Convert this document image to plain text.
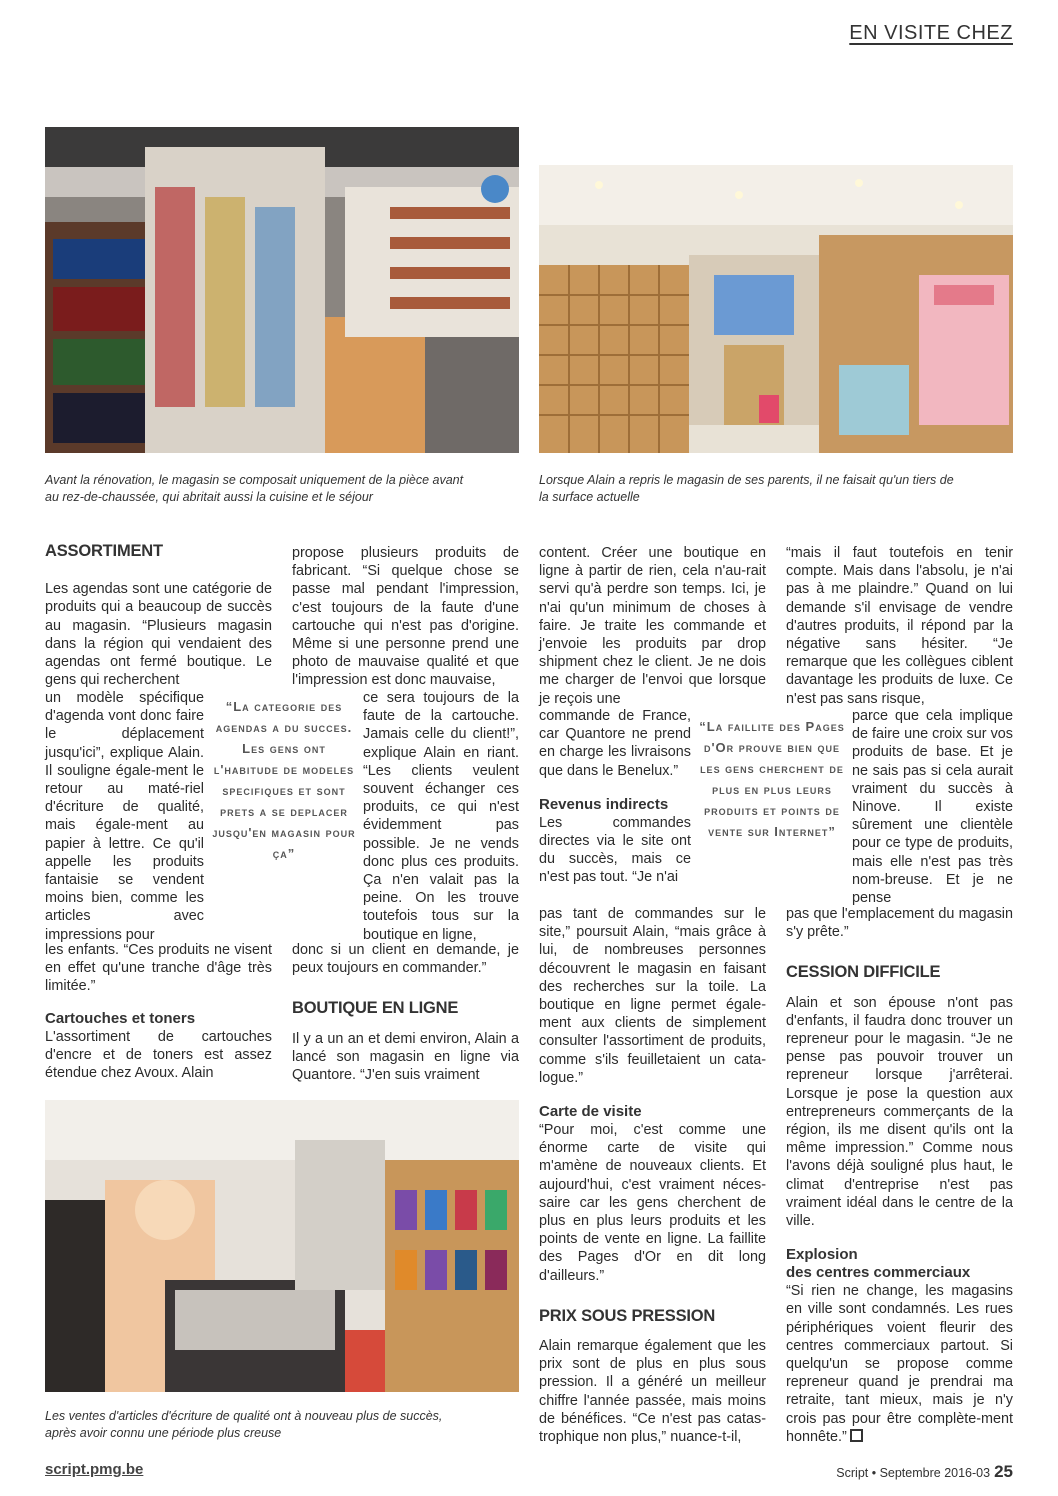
EN VISITE CHEZ
Avant la rénovation, le magasin se composait uniquement de la pièce avant
au rez-de-chaussée, qui abritait aussi la cuisine et le séjour
Lorsque Alain a repris le magasin de ses parents, il ne faisait qu'un tiers de
la surface actuelle
ASSORTIMENT

Les agendas sont une catégorie de produits qui a beaucoup de succès au magasin. “Plusieurs magasin dans la région qui vendaient des agendas ont fermé boutique. Le gens qui recherchent

un modèle spécifique d'agenda vont donc faire le déplacement jusqu'ici”, explique Alain. Il souligne égale-ment le retour au maté-riel d'écriture de qualité, mais égale-ment au papier à lettre. Ce qu'il appelle les produits fantaisie se vendent moins bien, comme les articles avec impressions pour

les enfants. “Ces produits ne visent en effet qu'une tranche d'âge très limitée.”

Cartouches et toners

L'assortiment de cartouches d'encre et de toners est assez étendue chez Avoux. Alain

propose plusieurs produits de fabricant. “Si quelque chose se passe mal pendant l'impression, c'est toujours de la faute d'une cartouche qui n'est pas d'origine. Même si une personne prend une photo de mauvaise qualité et que l'impression est donc mauvaise,

ce sera toujours de la faute de la cartouche. Jamais celle du client!”, explique Alain en riant. “Les clients veulent souvent échanger ces produits, ce qui n'est évidemment pas possible. Je ne vends donc plus ces produits. Ça n'en valait pas la peine. On les trouve toutefois tous sur la boutique en ligne,

donc si un client en demande, je peux toujours en commander.”

BOUTIQUE EN LIGNE

Il y a un an et demi environ, Alain a lancé son magasin en ligne via Quantore. “J'en suis vraiment

“La categorie des agendas a du succes. Les gens ont l'habitude de modeles specifiques et sont prets a se deplacer jusqu'en magasin pour ça”
Les ventes d'articles d'écriture de qualité ont à nouveau plus de succès,
après avoir connu une période plus creuse

content. Créer une boutique en ligne à partir de rien, cela n'au-rait servi qu'à perdre son temps. Ici, je n'ai qu'un minimum de choses à faire. Je traite les commande et j'envoie les produits par drop shipment chez le client. Je ne dois me charger de l'envoi que lorsque je reçois une

commande de France, car Quantore ne prend en charge les livraisons que dans le Benelux.”

Revenus indirects

Les commandes directes via le site ont du succès, mais ce n'est pas tout. “Je n'ai

pas tant de commandes sur le site,” poursuit Alain, “mais grâce à lui, de nombreuses personnes découvrent le magasin en faisant des recherches sur la toile. La boutique en ligne permet égale-ment aux clients de simplement consulter l'assortiment de produits, comme s'ils feuilletaient un cata-logue.”

Carte de visite

“Pour moi, c'est comme une énorme carte de visite qui m'amène de nouveaux clients. Et aujourd'hui, c'est vraiment néces-saire car les gens cherchent de plus en plus leurs produits et les points de vente en ligne. La faillite des Pages d'Or en dit long d'ailleurs.”

PRIX SOUS PRESSION

Alain remarque également que les prix sont de plus en plus sous pression. Il a généré un meilleur chiffre l'année passée, mais moins de bénéfices. “Ce n'est pas catas-trophique non plus,” nuance-t-il,

“La faillite des Pages d'Or prouve bien que les gens cherchent de plus en plus leurs produits et points de vente sur Internet”

“mais il faut toutefois en tenir compte. Mais dans l'absolu, je n'ai pas à me plaindre.” Quand on lui demande s'il envisage de vendre d'autres produits, il répond par la négative sans hésiter. “Je remarque que les collègues ciblent davantage les produits de luxe. Ce n'est pas sans risque,

parce que cela implique de faire une croix sur vos produits de base. Et je ne sais pas si cela aurait vraiment du succès à Ninove. Il existe sûrement une clientèle pour ce type de produits, mais elle n'est pas très nom-breuse. Et je ne pense

pas que l'emplacement du magasin s'y prête.”

CESSION DIFFICILE

Alain et son épouse n'ont pas d'enfants, il faudra donc trouver un repreneur pour le magasin. “Je ne pense pas pouvoir trouver un repreneur lorsque j'arrêterai. Lorsque je pose la question aux entrepreneurs commerçants de la région, ils me disent qu'ils ont la même impression.” Comme nous l'avons déjà souligné plus haut, le climat d'entreprise n'est pas vraiment idéal dans le centre de la ville.

Explosion
des centres commerciaux

“Si rien ne change, les magasins en ville sont condamnés. Les rues périphériques voient fleurir des centres commerciaux partout. Si quelqu'un se propose comme repreneur quand je prendrai ma retraite, tant mieux, mais je n'y crois pas pour être complète-ment honnête.”

script.pmg.be	Script • Septembre 2016-03 25
